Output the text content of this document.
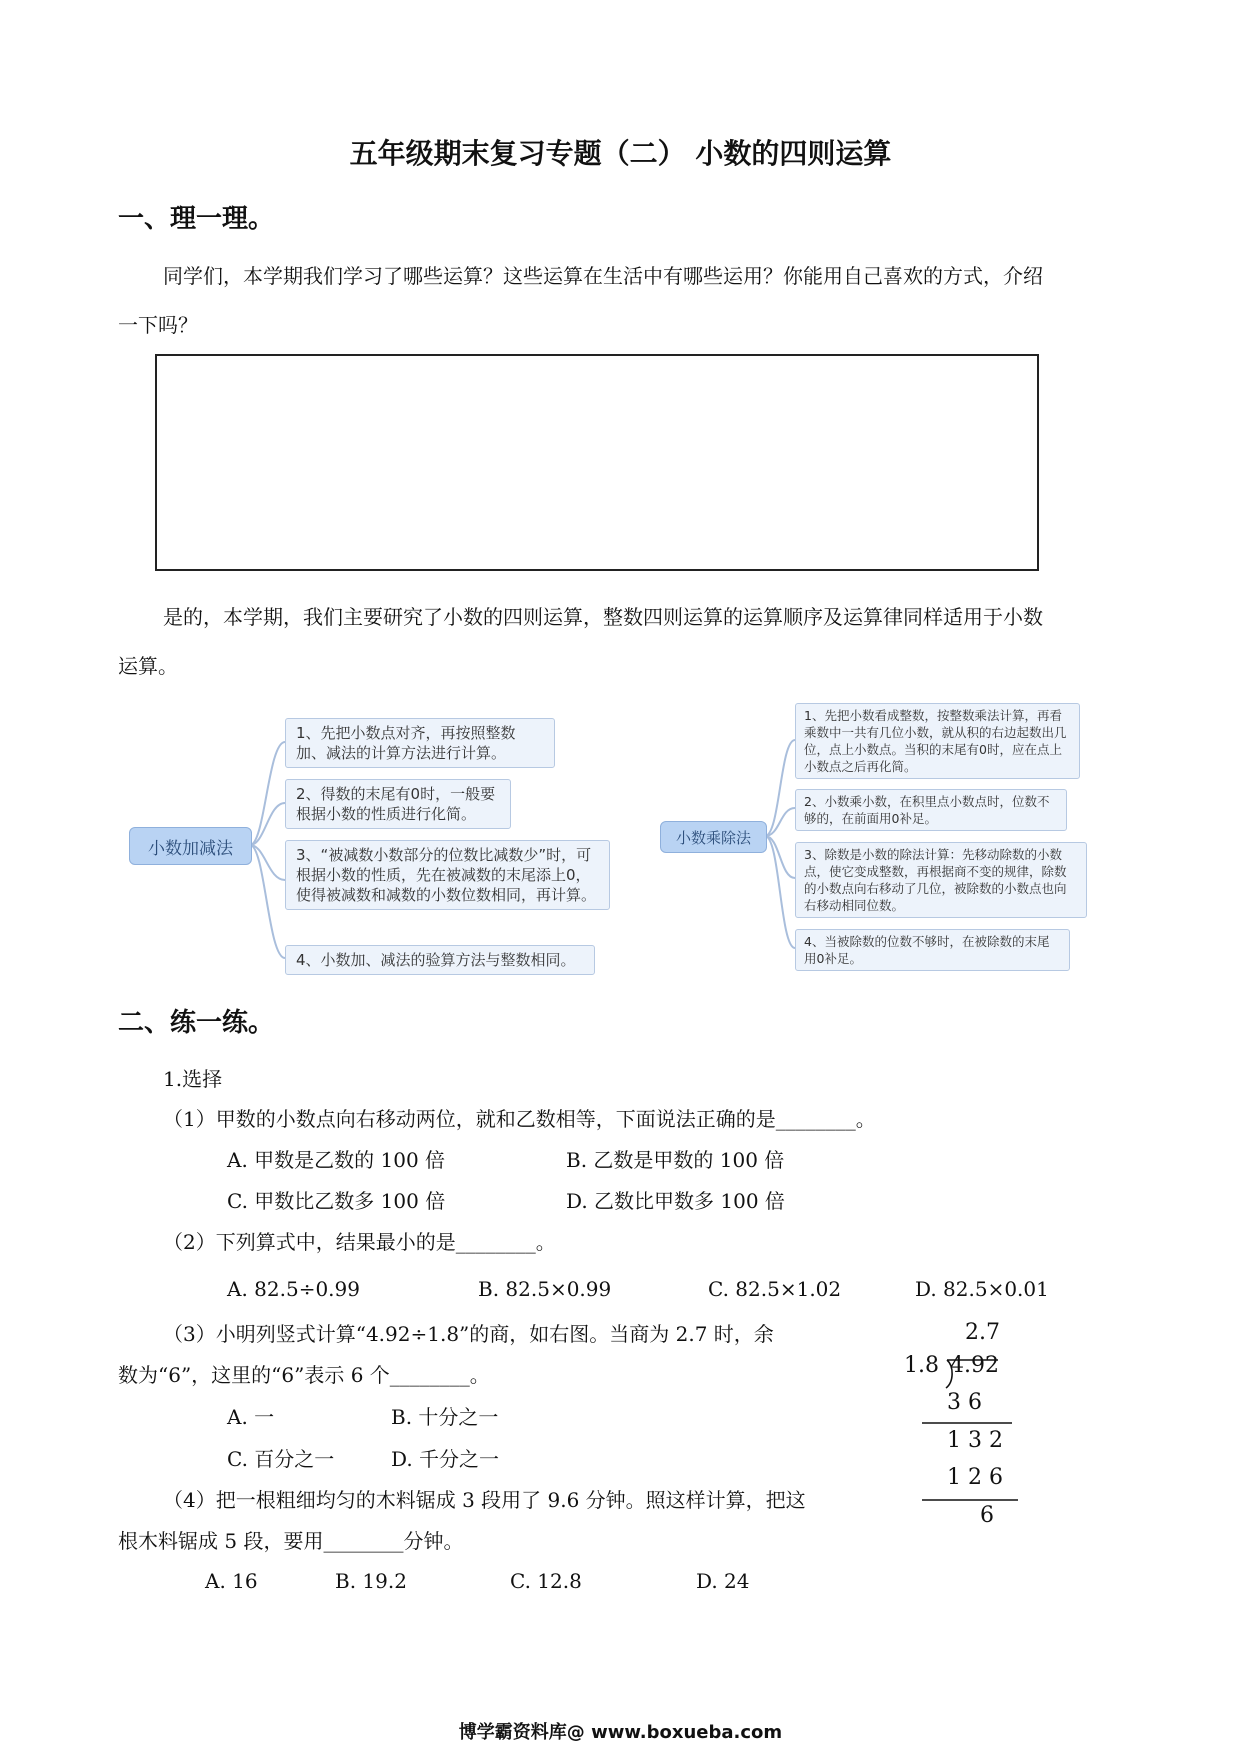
五年级期末复习专题（二） 小数的四则运算
一、理一理。
同学们，本学期我们学习了哪些运算？这些运算在生活中有哪些运用？你能用自己喜欢的方式，介绍
一下吗？
是的，本学期，我们主要研究了小数的四则运算，整数四则运算的运算顺序及运算律同样适用于小数
运算。
小数加减法
1、先把小数点对齐，再按照整数加、减法的计算方法进行计算。
2、得数的末尾有0时，一般要根据小数的性质进行化简。
3、“被减数小数部分的位数比减数少”时，可根据小数的性质，先在被减数的末尾添上0，使得被减数和减数的小数位数相同，再计算。
4、小数加、减法的验算方法与整数相同。
小数乘除法
1、先把小数看成整数，按整数乘法计算，再看乘数中一共有几位小数，就从积的右边起数出几位，点上小数点。当积的末尾有0时，应在点上小数点之后再化简。
2、小数乘小数，在积里点小数点时，位数不够的，在前面用0补足。
3、除数是小数的除法计算：先移动除数的小数点，使它变成整数，再根据商不变的规律，除数的小数点向右移动了几位，被除数的小数点也向右移动相同位数。
4、当被除数的位数不够时，在被除数的末尾用0补足。
二、练一练。
1.选择
（1）甲数的小数点向右移动两位，就和乙数相等，下面说法正确的是________。
A. 甲数是乙数的 100 倍	B. 乙数是甲数的 100 倍
C. 甲数比乙数多 100 倍	D. 乙数比甲数多 100 倍
（2）下列算式中，结果最小的是________。
A. 82.5÷0.99	B. 82.5×0.99	C. 82.5×1.02	D. 82.5×0.01
（3）小明列竖式计算“4.92÷1.8”的商，如右图。当商为 2.7 时，余
数为“6”，这里的“6”表示 6 个________。
A. 一	B. 十分之一
C. 百分之一	D. 千分之一
（4）把一根粗细均匀的木料锯成 3 段用了 9.6 分钟。照这样计算，把这
根木料锯成 5 段，要用________分钟。
A. 16	B. 19.2	C. 12.8	D. 24
2.7
1.8 4.92
3 6
1 3 2
1 2 6
6
博学霸资料库@ www.boxueba.com
